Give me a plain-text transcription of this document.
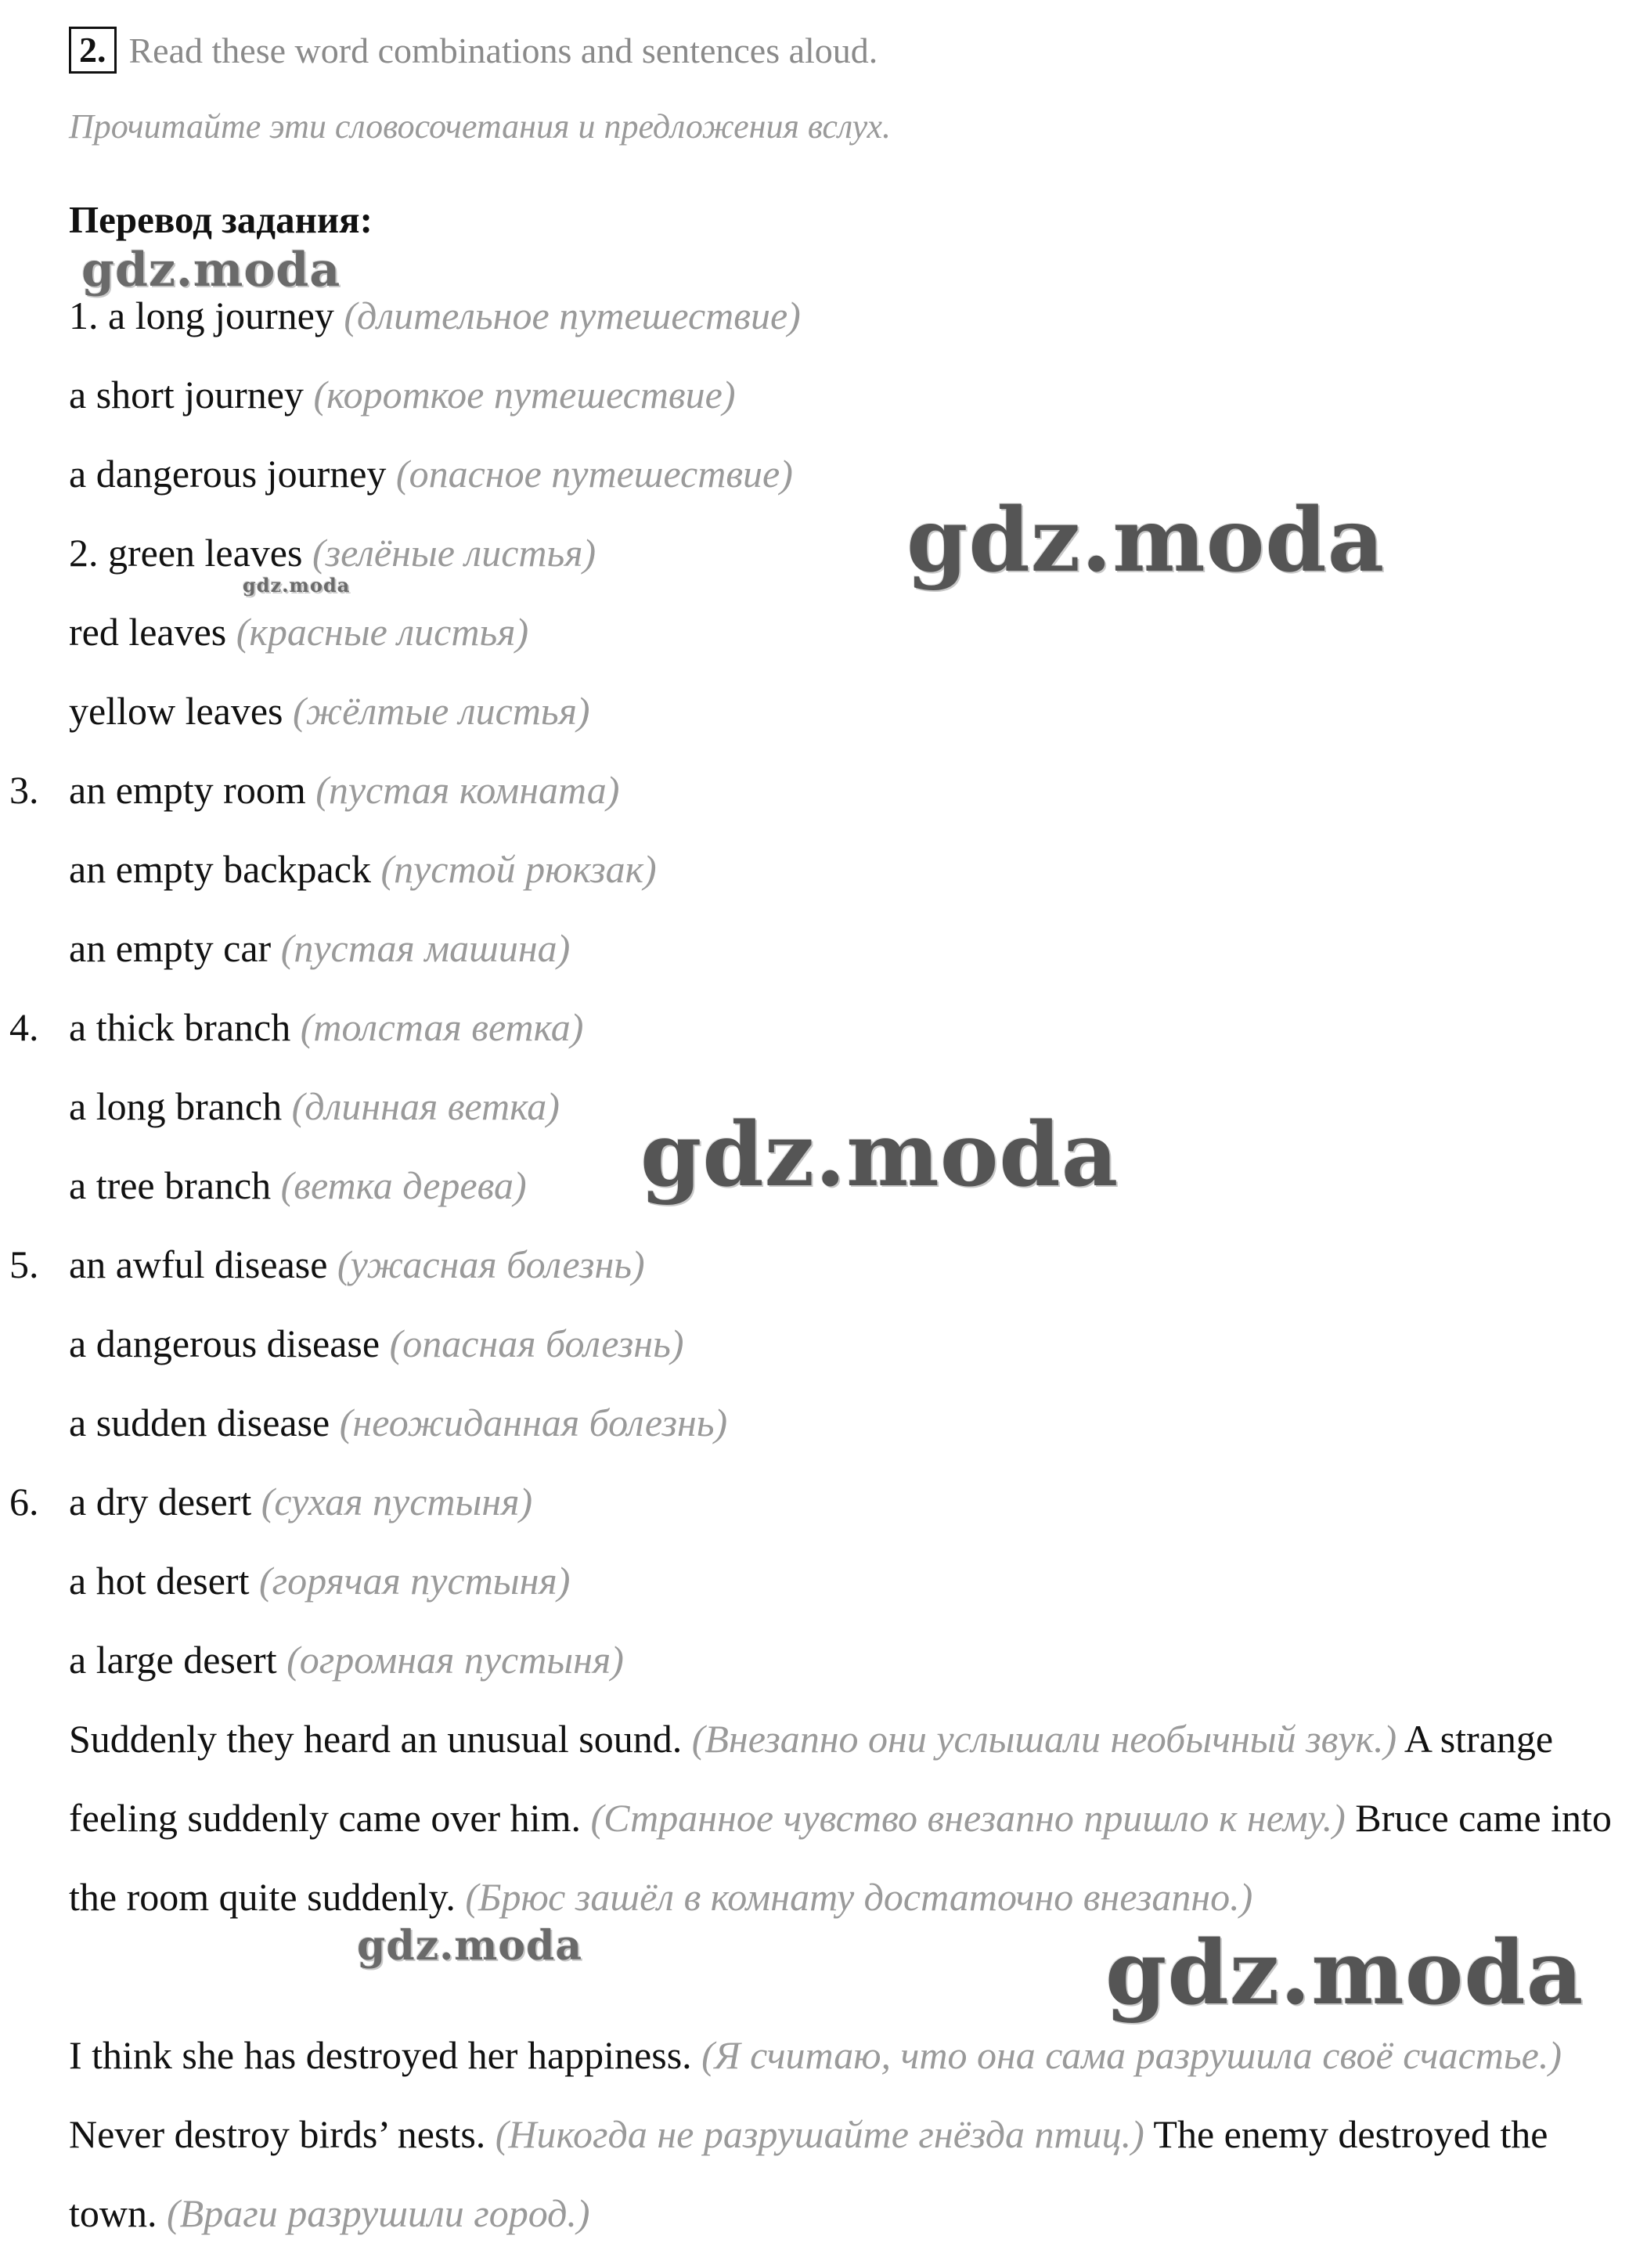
2. Read these word combinations and sentences aloud.
Прочитайте эти словосочетания и предложения вслух.
Перевод задания:
1. a long journey (длительное путешествие)
a short journey (короткое путешествие)
a dangerous journey (опасное путешествие)
2. green leaves (зелёные листья)
red leaves (красные листья)
yellow leaves (жёлтые листья)
3. an empty room (пустая комната)
an empty backpack (пустой рюкзак)
an empty car (пустая машина)
4. a thick branch (толстая ветка)
a long branch (длинная ветка)
a tree branch (ветка дерева)
5. an awful disease (ужасная болезнь)
a dangerous disease (опасная болезнь)
a sudden disease (неожиданная болезнь)
6. a dry desert (сухая пустыня)
a hot desert (горячая пустыня)
a large desert (огромная пустыня)
Suddenly they heard an unusual sound. (Внезапно они услышали необычный звук.) A strange feeling suddenly came over him. (Странное чувство внезапно пришло к нему.) Bruce came into the room quite suddenly. (Брюс зашёл в комнату достаточно внезапно.)
I think she has destroyed her happiness. (Я считаю, что она сама разрушила своё счастье.) Never destroy birds’ nests. (Никогда не разрушайте гнёзда птиц.) The enemy destroyed the town. (Враги разрушили город.)
gdz.moda
gdz.moda
gdz.moda
gdz.moda
gdz.moda	gdz.moda
